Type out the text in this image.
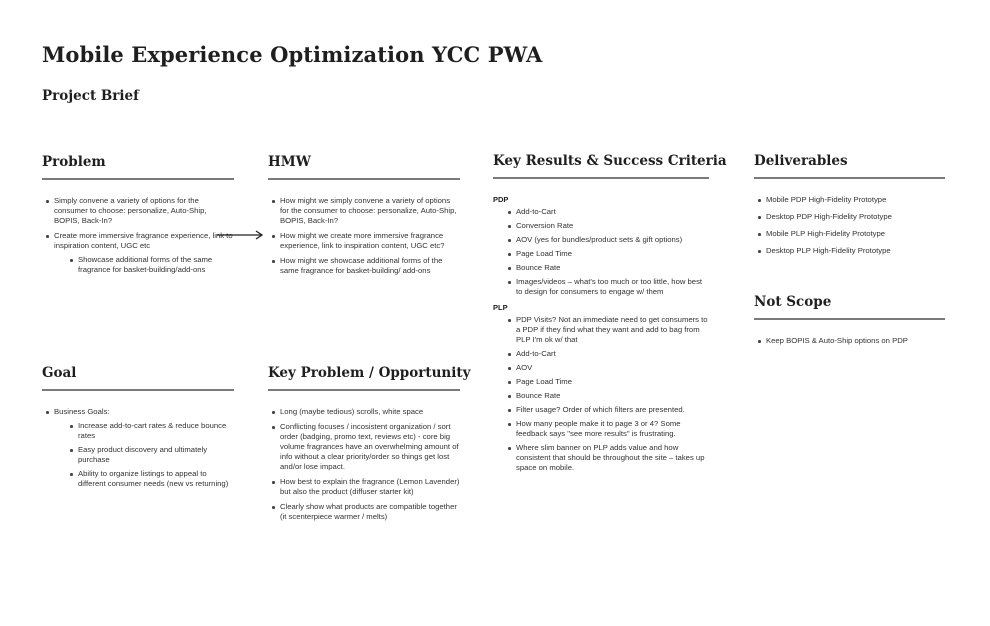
Mobile Experience Optimization YCC PWA
Project Brief
Problem
Simply convene a variety of options for the consumer to choose: personalize, Auto-Ship, BOPIS, Back-In?
Create more immersive fragrance experience, link to inspiration content, UGC etc
Showcase additional forms of the same fragrance for basket-building/add-ons
HMW
How might we simply convene a variety of options for the consumer to choose: personalize, Auto-Ship, BOPIS, Back-In?
How might we create more immersive fragrance experience, link to inspiration content, UGC etc?
How might we showcase additional forms of the same fragrance for basket-building/ add-ons
Key Results & Success Criteria

PDP

Add-to-Cart
Conversion Rate
AOV (yes for bundles/product sets & gift options)
Page Load Time
Bounce Rate
Images/videos – what's too much or too little, how best to design for consumers to engage w/ them

PLP

PDP Visits? Not an immediate need to get consumers to a PDP if they find what they want and add to bag from PLP I'm ok w/ that
Add-to-Cart
AOV
Page Load Time
Bounce Rate
Filter usage? Order of which filters are presented.
How many people make it to page 3 or 4? Some feedback says "see more results" is frustrating.
Where slim banner on PLP adds value and how consistent that should be throughout the site – takes up space on mobile.
Deliverables
Mobile PDP High-Fidelity Prototype
Desktop PDP High-Fidelity Prototype
Mobile PLP High-Fidelity Prototype
Desktop PLP High-Fidelity Prototype
Not Scope
Keep BOPIS & Auto-Ship options on PDP
Goal
Business Goals:
Increase add-to-cart rates & reduce bounce rates
Easy product discovery and ultimately purchase
Ability to organize listings to appeal to different consumer needs (new vs returning)
Key Problem / Opportunity
Long (maybe tedious) scrolls, white space
Conflicting focuses / incosistent organization / sort order (badging, promo text, reviews etc) - core big volume fragrances have an overwhelming amount of info without a clear priority/order so things get lost and/or lose impact.
How best to explain the fragrance (Lemon Lavender) but also the product (diffuser starter kit)
Clearly show what products are compatible together (it scenterpiece warmer / melts)
